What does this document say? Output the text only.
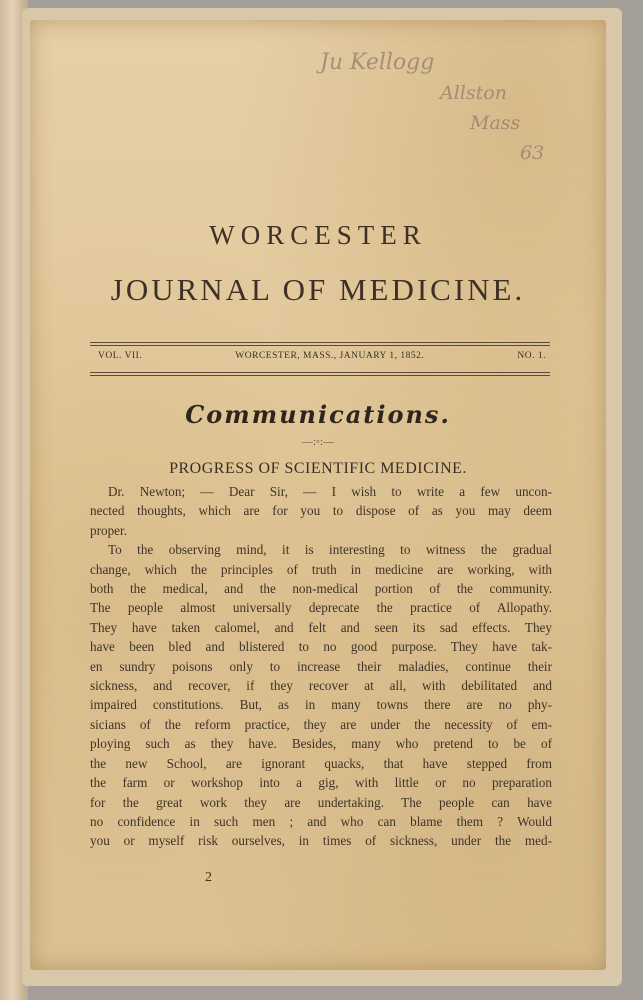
Ju Kellogg
Allston
Mass
63
WORCESTER
JOURNAL OF MEDICINE.
VOL. VII.	WORCESTER, MASS., JANUARY 1, 1852.	NO. 1.
Communications.
—:◦:—
PROGRESS OF SCIENTIFIC MEDICINE.
Dr. Newton; — Dear Sir, — I wish to write a few uncon-
nected thoughts, which are for you to dispose of as you may deem
proper.
To the observing mind, it is interesting to witness the gradual
change, which the principles of truth in medicine are working, with
both the medical, and the non-medical portion of the community.
The people almost universally deprecate the practice of Allopathy.
They have taken calomel, and felt and seen its sad effects. They
have been bled and blistered to no good purpose. They have tak-
en sundry poisons only to increase their maladies, continue their
sickness, and recover, if they recover at all, with debilitated and
impaired constitutions. But, as in many towns there are no phy-
sicians of the reform practice, they are under the necessity of em-
ploying such as they have. Besides, many who pretend to be of
the new School, are ignorant quacks, that have stepped from
the farm or workshop into a gig, with little or no preparation
for the great work they are undertaking. The people can have
no confidence in such men ; and who can blame them ? Would
you or myself risk ourselves, in times of sickness, under the med-
2
